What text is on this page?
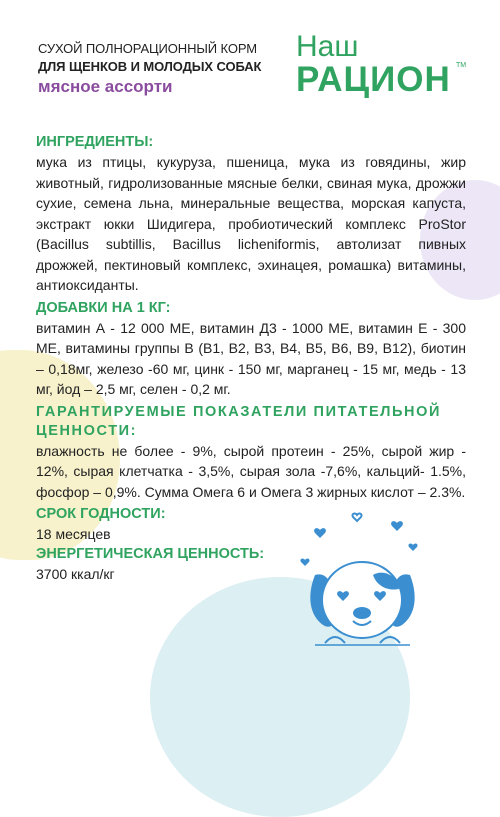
СУХОЙ ПОЛНОРАЦИОННЫЙ КОРМ
ДЛЯ ЩЕНКОВ И МОЛОДЫХ СОБАК
мясное ассорти
Наш
РАЦИОН TM
ИНГРЕДИЕНТЫ:
мука из птицы, кукуруза, пшеница, мука из говядины, жир животный, гидролизованные мясные белки, свиная мука, дрожжи сухие, семена льна, минеральные вещества, морская капуста, экстракт юкки Шидигера, пробиотический комплекс ProStor (Bacillus subtillis, Bacillus licheniformis, автолизат пивных дрожжей, пектиновый комплекс, эхинацея, ромашка) витамины, антиоксиданты.
ДОБАВКИ НА 1 КГ:
витамин А - 12 000 МЕ, витамин Д3 - 1000 МЕ, витамин Е - 300 МЕ, витамины группы В (В1, В2, В3, В4, В5, В6, В9, В12), биотин – 0,18мг, железо -60 мг, цинк - 150 мг, марганец - 15 мг, медь - 13 мг, йод – 2,5 мг, селен - 0,2 мг.
ГАРАНТИРУЕМЫЕ ПОКАЗАТЕЛИ ПИТАТЕЛЬНОЙ ЦЕННОСТИ:
влажность не более - 9%, сырой протеин - 25%, сырой жир - 12%, сырая клетчатка - 3,5%, сырая зола -7,6%, кальций- 1.5%, фосфор – 0,9%. Сумма Омега 6 и Омега 3 жирных кислот – 2.3%.
СРОК ГОДНОСТИ:
18 месяцев
ЭНЕРГЕТИЧЕСКАЯ ЦЕННОСТЬ:
3700 ккал/кг
